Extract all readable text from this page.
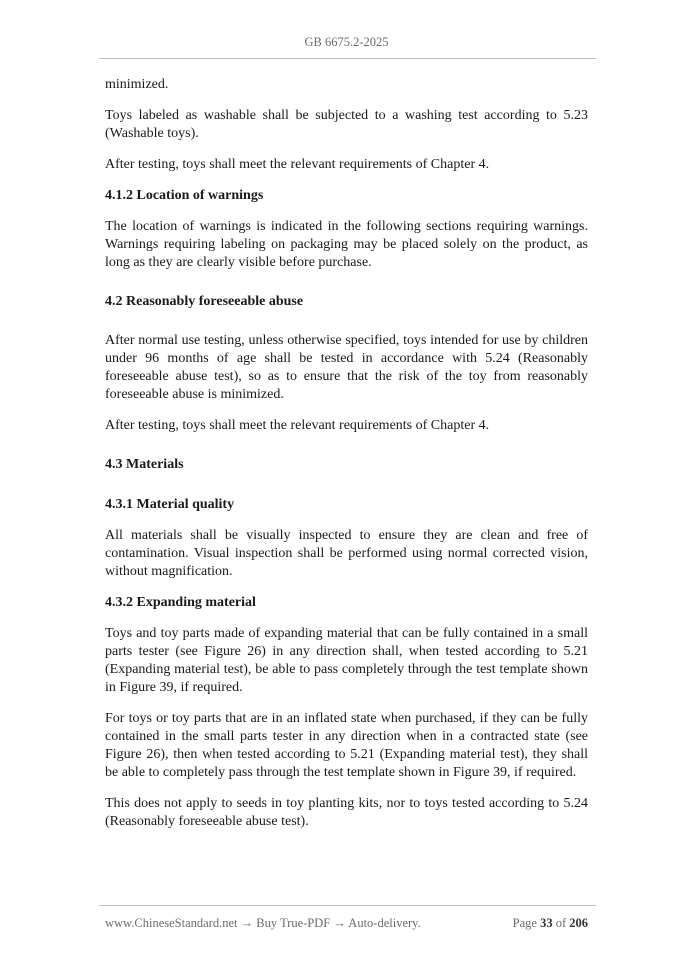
GB 6675.2-2025

minimized.

Toys labeled as washable shall be subjected to a washing test according to 5.23 (Washable toys).

After testing, toys shall meet the relevant requirements of Chapter 4.

4.1.2 Location of warnings

The location of warnings is indicated in the following sections requiring warnings. Warnings requiring labeling on packaging may be placed solely on the product, as long as they are clearly visible before purchase.

4.2 Reasonably foreseeable abuse

After normal use testing, unless otherwise specified, toys intended for use by children under 96 months of age shall be tested in accordance with 5.24 (Reasonably foreseeable abuse test), so as to ensure that the risk of the toy from reasonably foreseeable abuse is minimized.

After testing, toys shall meet the relevant requirements of Chapter 4.

4.3 Materials
4.3.1 Material quality

All materials shall be visually inspected to ensure they are clean and free of contamination. Visual inspection shall be performed using normal corrected vision, without magnification.

4.3.2 Expanding material

Toys and toy parts made of expanding material that can be fully contained in a small parts tester (see Figure 26) in any direction shall, when tested according to 5.21 (Expanding material test), be able to pass completely through the test template shown in Figure 39, if required.

For toys or toy parts that are in an inflated state when purchased, if they can be fully contained in the small parts tester in any direction when in a contracted state (see Figure 26), then when tested according to 5.21 (Expanding material test), they shall be able to completely pass through the test template shown in Figure 39, if required.

This does not apply to seeds in toy planting kits, nor to toys tested according to 5.24 (Reasonably foreseeable abuse test).

www.ChineseStandard.net → Buy True-PDF → Auto-delivery.	Page 33 of 206
